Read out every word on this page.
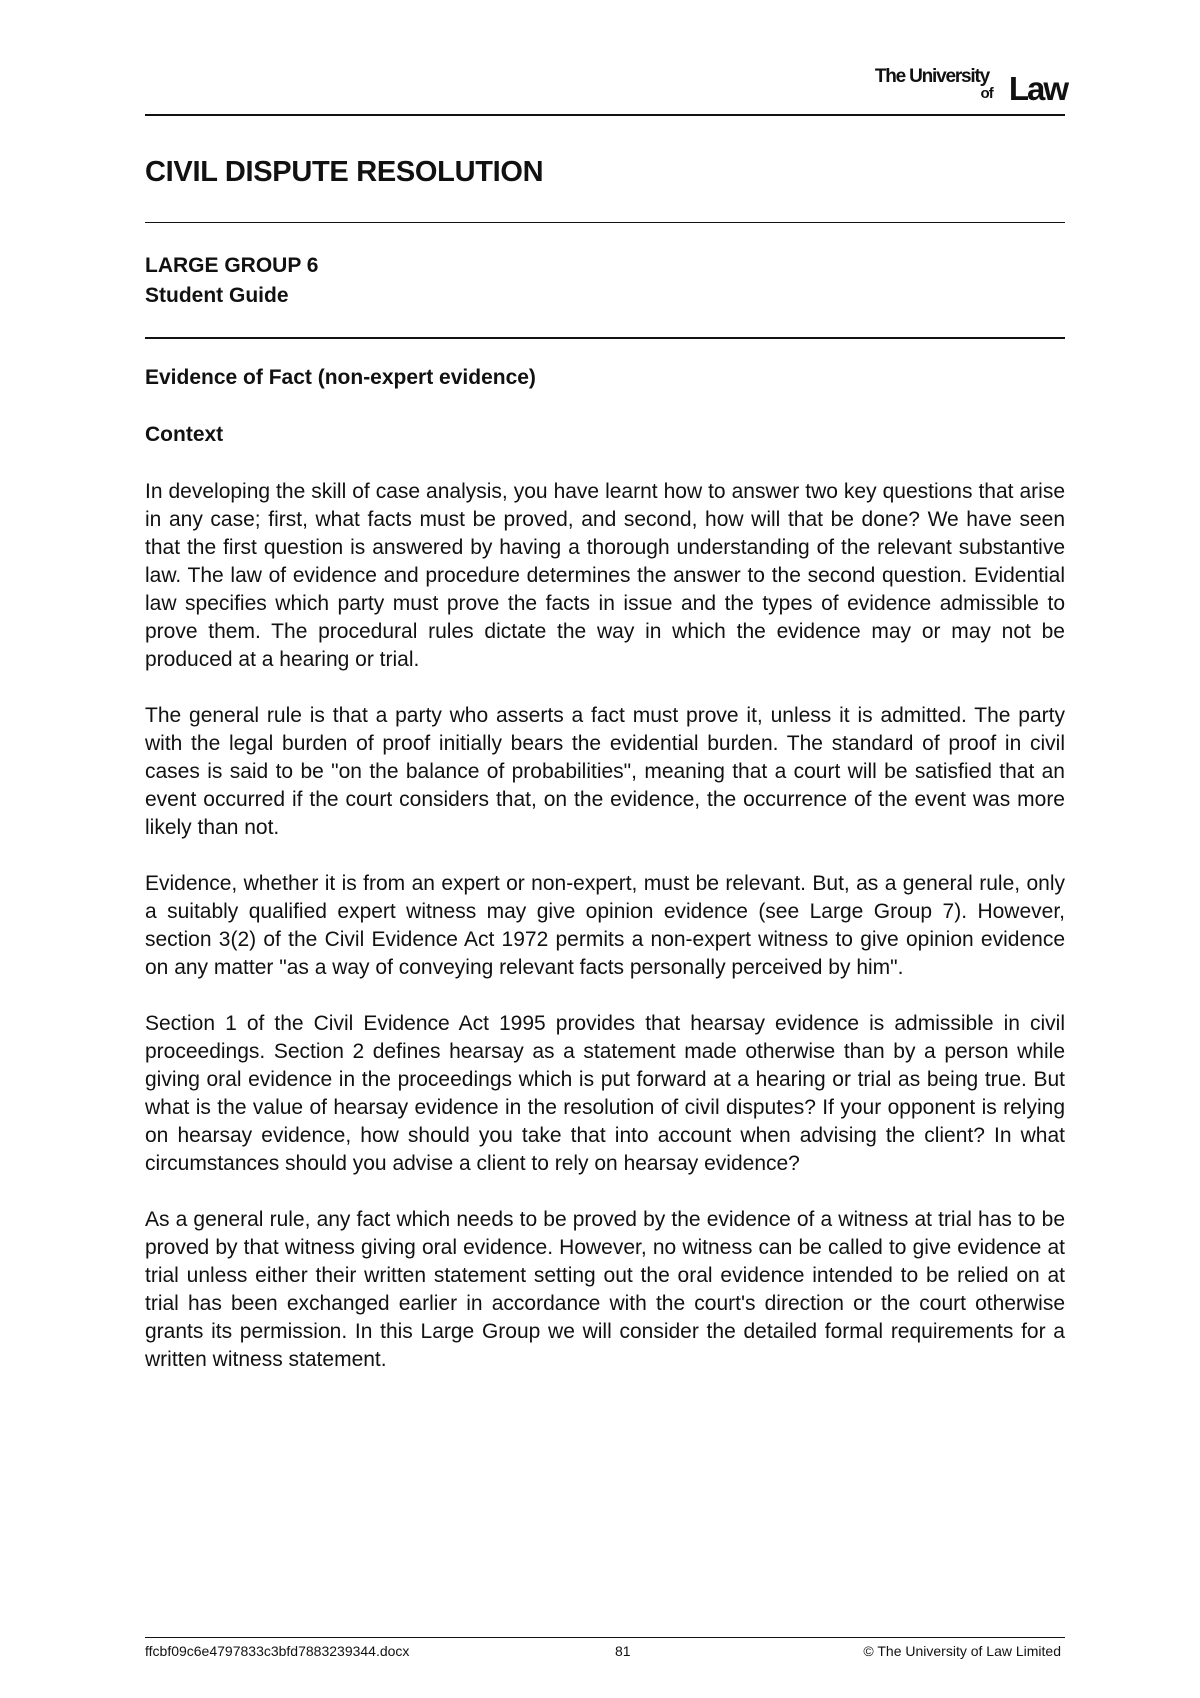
The University
of Law
CIVIL DISPUTE RESOLUTION
LARGE GROUP 6
Student Guide
Evidence of Fact (non-expert evidence)
Context

In developing the skill of case analysis, you have learnt how to answer two key questions that arise in any case; first, what facts must be proved, and second, how will that be done? We have seen that the first question is answered by having a thorough understanding of the relevant substantive law. The law of evidence and procedure determines the answer to the second question. Evidential law specifies which party must prove the facts in issue and the types of evidence admissible to prove them. The procedural rules dictate the way in which the evidence may or may not be produced at a hearing or trial.

The general rule is that a party who asserts a fact must prove it, unless it is admitted. The party with the legal burden of proof initially bears the evidential burden. The standard of proof in civil cases is said to be "on the balance of probabilities", meaning that a court will be satisfied that an event occurred if the court considers that, on the evidence, the occurrence of the event was more likely than not.

Evidence, whether it is from an expert or non-expert, must be relevant. But, as a general rule, only a suitably qualified expert witness may give opinion evidence (see Large Group 7). However, section 3(2) of the Civil Evidence Act 1972 permits a non-expert witness to give opinion evidence on any matter "as a way of conveying relevant facts personally perceived by him".

Section 1 of the Civil Evidence Act 1995 provides that hearsay evidence is admissible in civil proceedings. Section 2 defines hearsay as a statement made otherwise than by a person while giving oral evidence in the proceedings which is put forward at a hearing or trial as being true. But what is the value of hearsay evidence in the resolution of civil disputes? If your opponent is relying on hearsay evidence, how should you take that into account when advising the client? In what circumstances should you advise a client to rely on hearsay evidence?

As a general rule, any fact which needs to be proved by the evidence of a witness at trial has to be proved by that witness giving oral evidence. However, no witness can be called to give evidence at trial unless either their written statement setting out the oral evidence intended to be relied on at trial has been exchanged earlier in accordance with the court's direction or the court otherwise grants its permission. In this Large Group we will consider the detailed formal requirements for a written witness statement.

ffcbf09c6e4797833c3bfd7883239344.docx	81	© The University of Law Limited
